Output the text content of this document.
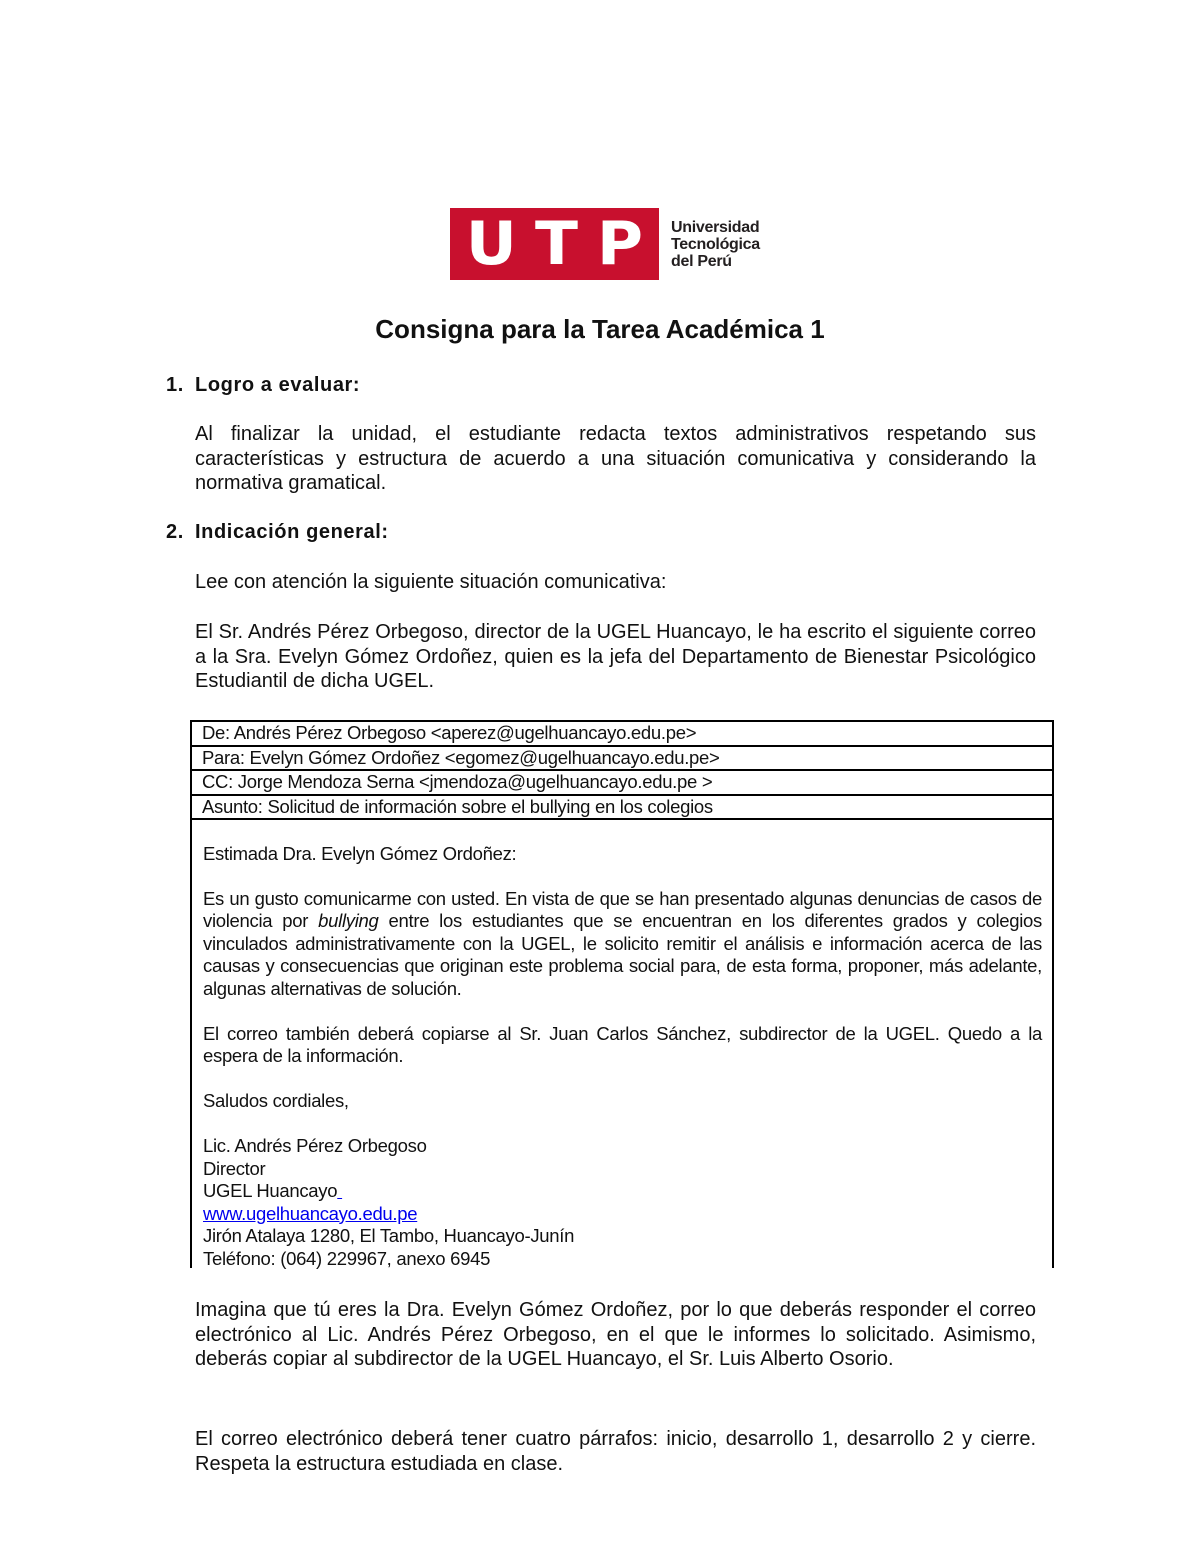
U T P Universidad
Tecnológica
del Perú
Consigna para la Tarea Académica 1
1. Logro a evaluar:
Al finalizar la unidad, el estudiante redacta textos administrativos respetando sus características y estructura de acuerdo a una situación comunicativa y considerando la normativa gramatical.
2. Indicación general:
Lee con atención la siguiente situación comunicativa:
El Sr. Andrés Pérez Orbegoso, director de la UGEL Huancayo, le ha escrito el siguiente correo a la Sra. Evelyn Gómez Ordoñez, quien es la jefa del Departamento de Bienestar Psicológico Estudiantil de dicha UGEL.
De: Andrés Pérez Orbegoso <aperez@ugelhuancayo.edu.pe>
Para: Evelyn Gómez Ordoñez <egomez@ugelhuancayo.edu.pe>
CC: Jorge Mendoza Serna <jmendoza@ugelhuancayo.edu.pe >
Asunto: Solicitud de información sobre el bullying en los colegios

Estimada Dra. Evelyn Gómez Ordoñez:

Es un gusto comunicarme con usted. En vista de que se han presentado algunas denuncias de casos de violencia por bullying entre los estudiantes que se encuentran en los diferentes grados y colegios vinculados administrativamente con la UGEL, le solicito remitir el análisis e información acerca de las causas y consecuencias que originan este problema social para, de esta forma, proponer, más adelante, algunas alternativas de solución.

El correo también deberá copiarse al Sr. Juan Carlos Sánchez, subdirector de la UGEL. Quedo a la espera de la información.

Saludos cordiales,

Lic. Andrés Pérez Orbegoso

Director

UGEL Huancayo

www.ugelhuancayo.edu.pe

Jirón Atalaya 1280, El Tambo, Huancayo-Junín

Teléfono: (064) 229967, anexo 6945

Imagina que tú eres la Dra. Evelyn Gómez Ordoñez, por lo que deberás responder el correo electrónico al Lic. Andrés Pérez Orbegoso, en el que le informes lo solicitado. Asimismo, deberás copiar al subdirector de la UGEL Huancayo, el Sr. Luis Alberto Osorio.
El correo electrónico deberá tener cuatro párrafos: inicio, desarrollo 1, desarrollo 2 y cierre. Respeta la estructura estudiada en clase.
